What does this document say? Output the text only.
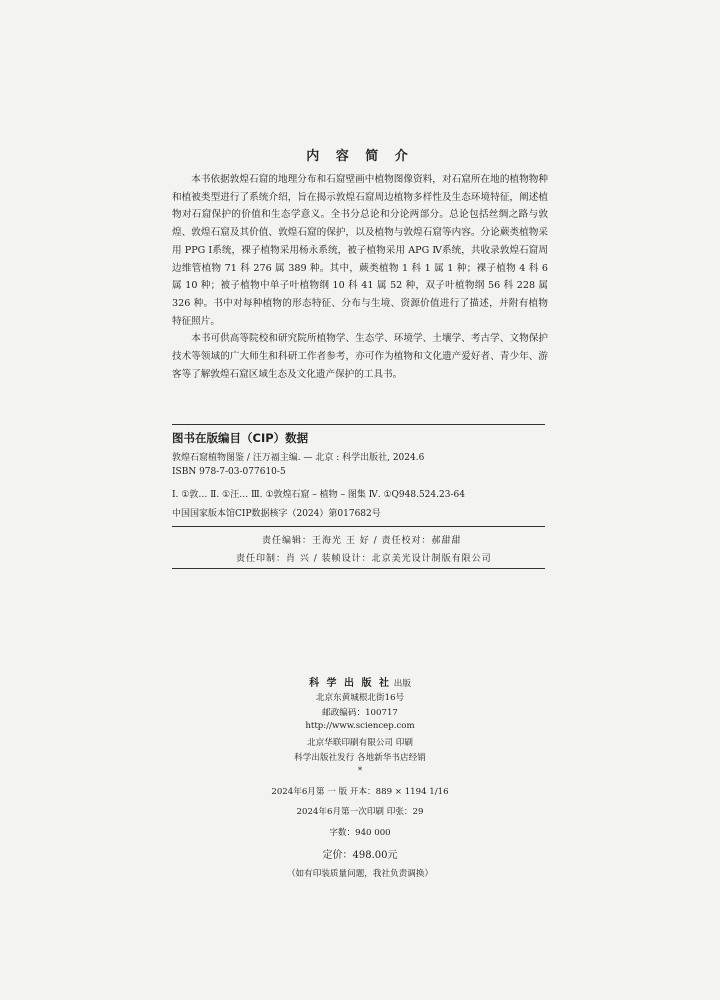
内 容 简 介

本书依据敦煌石窟的地理分布和石窟壁画中植物图像资料，对石窟所在地的植物物种和植被类型进行了系统介绍，旨在揭示敦煌石窟周边植物多样性及生态环境特征，阐述植物对石窟保护的价值和生态学意义。全书分总论和分论两部分。总论包括丝绸之路与敦煌、敦煌石窟及其价值、敦煌石窟的保护，以及植物与敦煌石窟等内容。分论蕨类植物采用 PPG Ⅰ系统，裸子植物采用杨永系统，被子植物采用 APG Ⅳ系统，共收录敦煌石窟周边维管植物 71 科 276 属 389 种。其中，蕨类植物 1 科 1 属 1 种；裸子植物 4 科 6 属 10 种；被子植物中单子叶植物纲 10 科 41 属 52 种，双子叶植物纲 56 科 228 属 326 种。书中对每种植物的形态特征、分布与生境、资源价值进行了描述，并附有植物特征照片。

本书可供高等院校和研究院所植物学、生态学、环境学、土壤学、考古学、文物保护技术等领域的广大师生和科研工作者参考，亦可作为植物和文化遗产爱好者、青少年、游客等了解敦煌石窟区域生态及文化遗产保护的工具书。

图书在版编目（CIP）数据
敦煌石窟植物图鉴 / 汪万福主编. — 北京 : 科学出版社, 2024.6
ISBN 978-7-03-077610-5
Ⅰ. ①敦… Ⅱ. ①汪… Ⅲ. ①敦煌石窟 – 植物 – 图集 Ⅳ. ①Q948.524.23-64
中国国家版本馆CIP数据核字（2024）第017682号
责任编辑：王海光 王 好 / 责任校对：郝甜甜
责任印制：肖 兴 / 装帧设计：北京美光设计制版有限公司
科 学 出 版 社 出版
北京东黄城根北街16号
邮政编码：100717
http://www.sciencep.com
北京华联印刷有限公司 印刷
科学出版社发行 各地新华书店经销
*
2024年6月第 一 版 开本：889 × 1194 1/16
2024年6月第一次印刷 印张：29
字数：940 000
定价：498.00元
（如有印装质量问题，我社负责调换）
